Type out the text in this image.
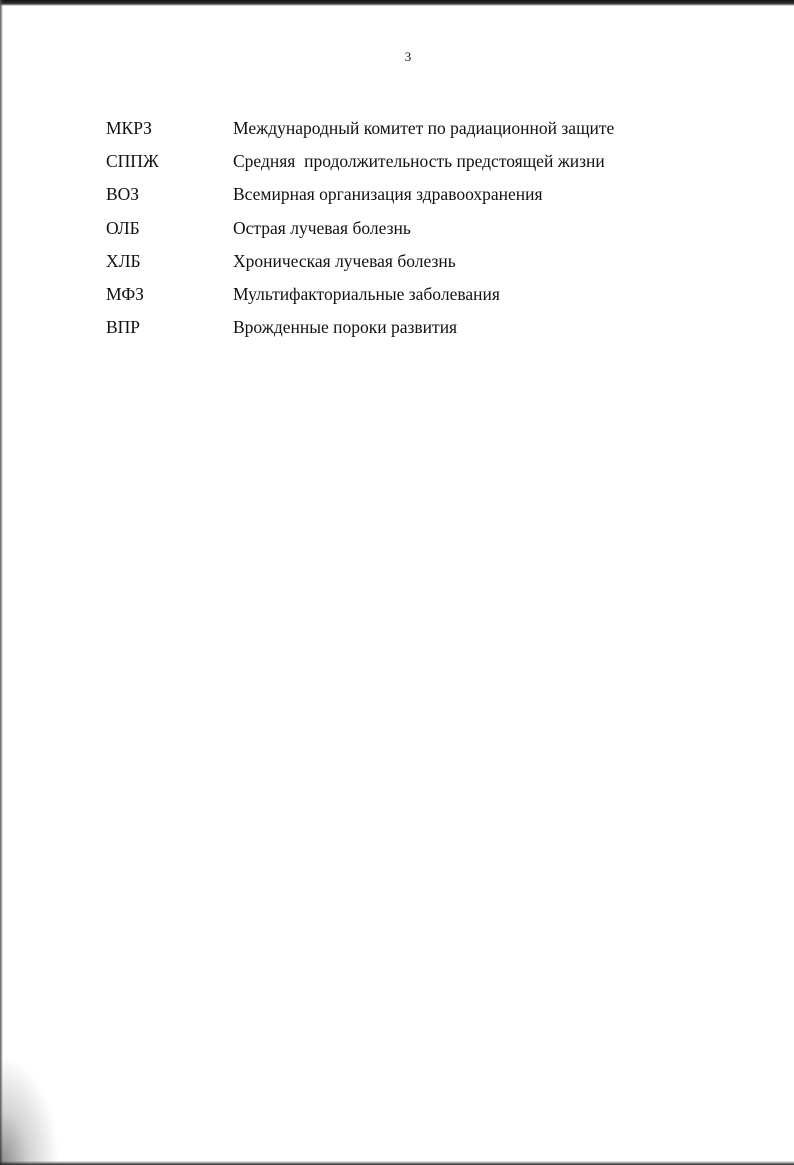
3
МКРЗ	Международный комитет по радиационной защите
СППЖ	Средняя  продолжительность предстоящей жизни
ВОЗ	Всемирная организация здравоохранения
ОЛБ	Острая лучевая болезнь
ХЛБ	Хроническая лучевая болезнь
МФЗ	Мультифакториальные заболевания
ВПР	Врожденные пороки развития
